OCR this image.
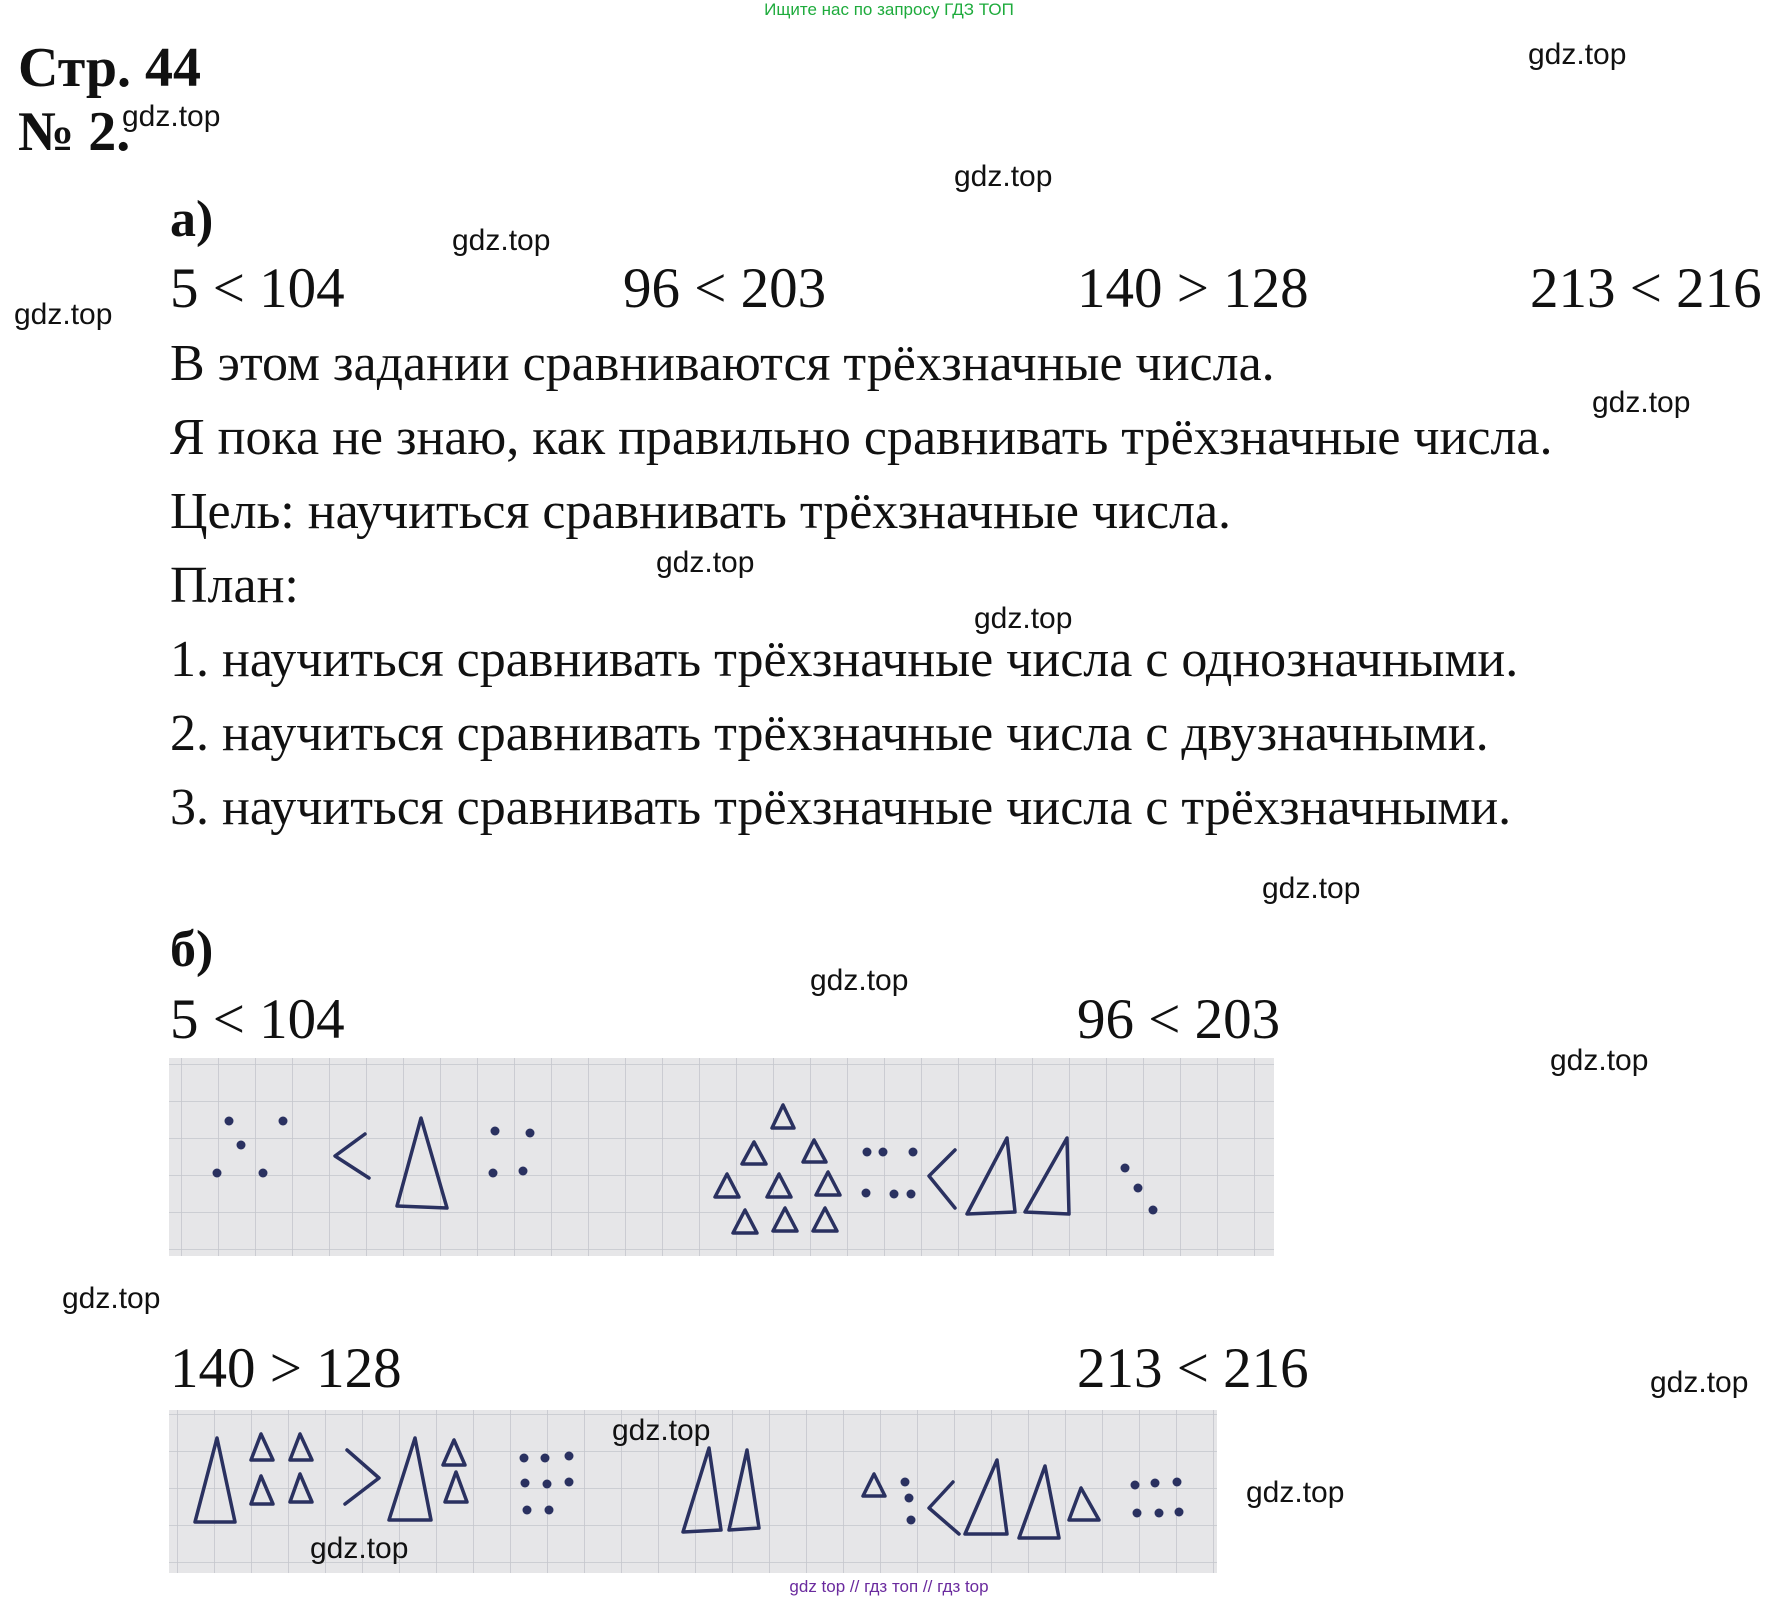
Ищите нас по запросу ГДЗ ТОП
Стр. 44
№ 2.
а)
5 < 104	96 < 203	140 > 128	213 < 216
В этом задании сравниваются трёхзначные числа.
Я пока не знаю, как правильно сравнивать трёхзначные числа.
Цель: научиться сравнивать трёхзначные числа.
План:
1. научиться сравнивать трёхзначные числа с однозначными.
2. научиться сравнивать трёхзначные числа с двузначными.
3. научиться сравнивать трёхзначные числа с трёхзначными.
б)
5 < 104	96 < 203
140 > 128	213 < 216
gdz.top
gdz.top
gdz.top
gdz.top
gdz.top
gdz.top
gdz.top
gdz.top
gdz.top
gdz.top
gdz.top
gdz.top
gdz.top
gdz.top
gdz.top
gdz.top
gdz top // гдз топ // гдз top
